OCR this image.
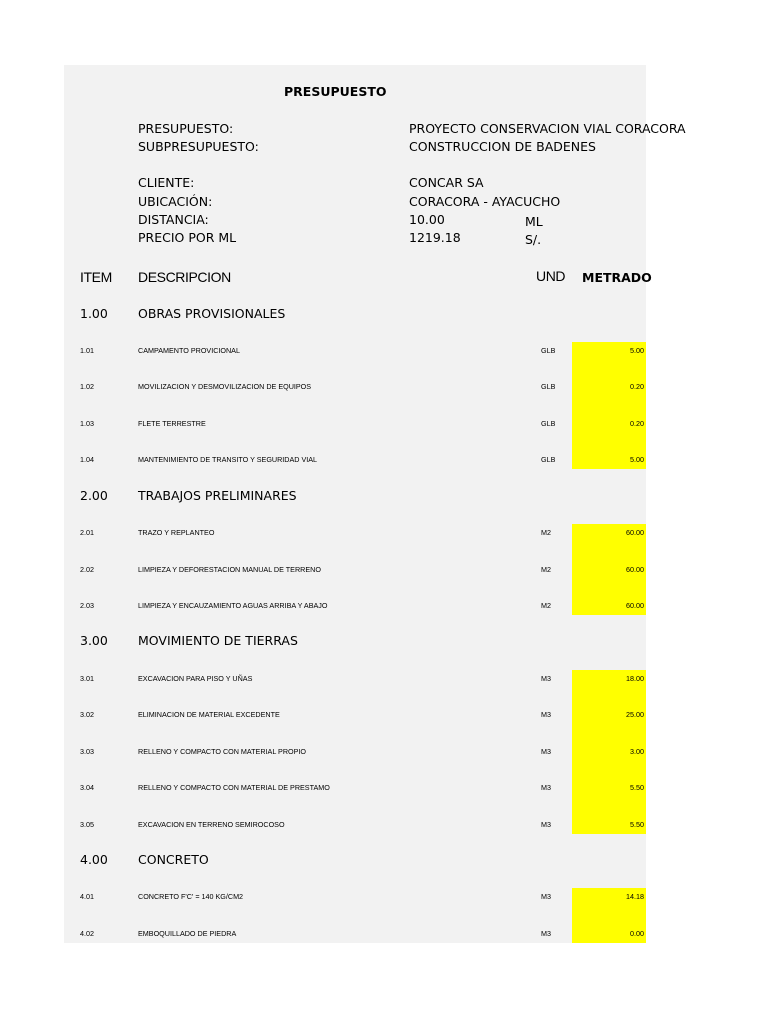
PRESUPUESTO
PRESUPUESTO:	PROYECTO CONSERVACION VIAL CORACORA
SUBPRESUPUESTO:	CONSTRUCCION DE BADENES
CLIENTE:	CONCAR SA
UBICACIÓN:	CORACORA - AYACUCHO
DISTANCIA:	10.00	ML
PRECIO POR ML	1219.18	S/.
ITEM DESCRIPCION	UND METRADO
1.00 OBRAS PROVISIONALES
1.01	CAMPAMENTO PROVICIONAL	GLB	5.00
1.02	MOVILIZACION Y DESMOVILIZACION DE EQUIPOS	GLB	0.20
1.03	FLETE TERRESTRE	GLB	0.20
1.04	MANTENIMIENTO DE TRANSITO Y SEGURIDAD VIAL	GLB	5.00
2.00 TRABAJOS PRELIMINARES
2.01	TRAZO Y REPLANTEO	M2	60.00
2.02	LIMPIEZA Y DEFORESTACION MANUAL DE TERRENO	M2	60.00
2.03	LIMPIEZA Y ENCAUZAMIENTO AGUAS ARRIBA Y ABAJO	M2	60.00
3.00 MOVIMIENTO DE TIERRAS
3.01	EXCAVACION PARA PISO Y UÑAS	M3	18.00
3.02	ELIMINACION DE MATERIAL EXCEDENTE	M3	25.00
3.03	RELLENO Y COMPACTO CON MATERIAL PROPIO	M3	3.00
3.04	RELLENO Y COMPACTO CON MATERIAL DE PRESTAMO	M3	5.50
3.05	EXCAVACION EN TERRENO SEMIROCOSO	M3	5.50
4.00 CONCRETO
4.01	CONCRETO F'C' = 140 KG/CM2	M3	14.18
4.02	EMBOQUILLADO DE PIEDRA	M3	0.00
